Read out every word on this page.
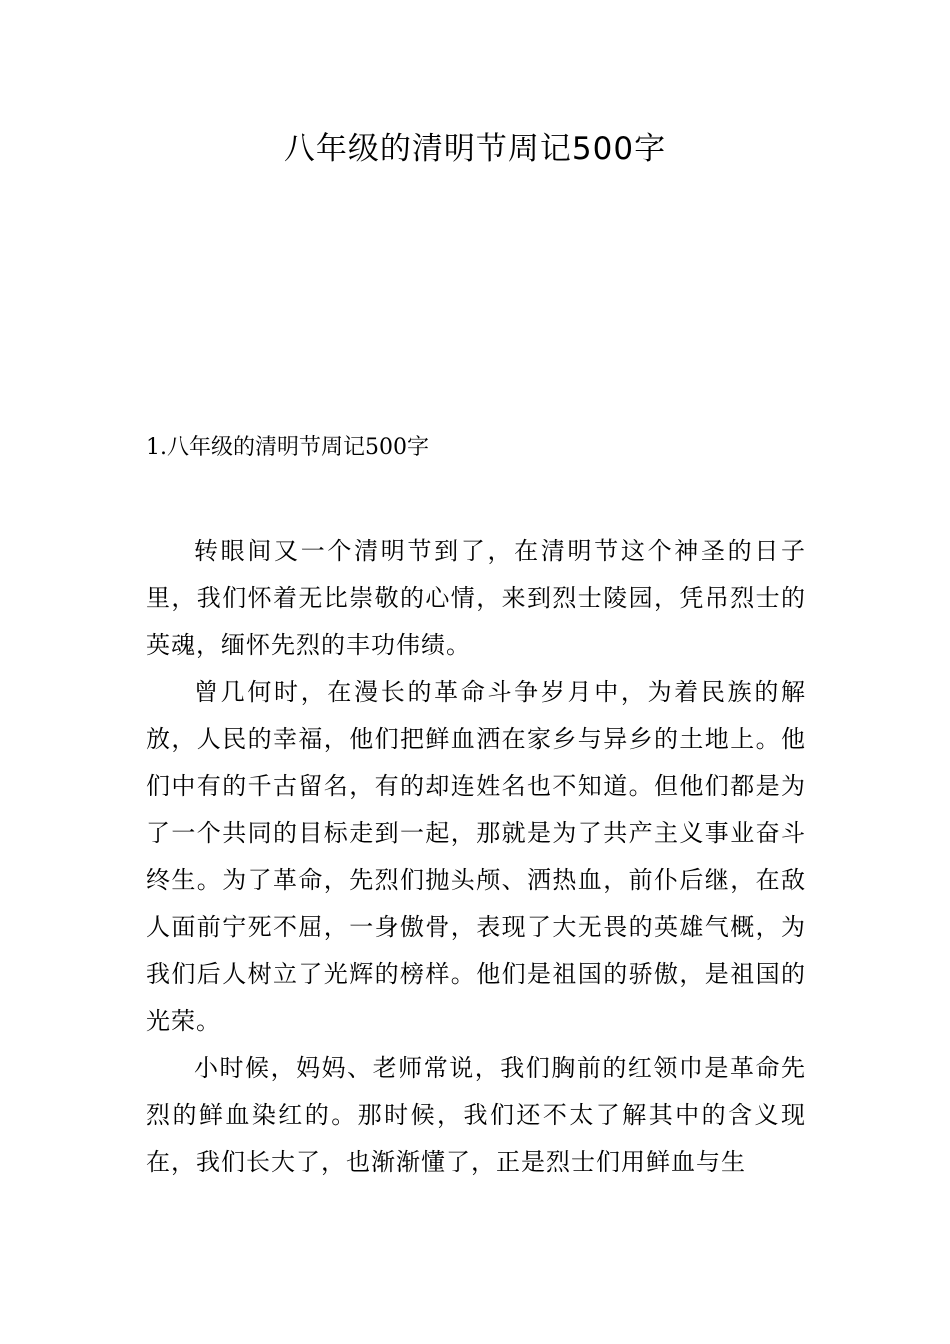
八年级的清明节周记500字
1.八年级的清明节周记500字

转眼间又一个清明节到了，在清明节这个神圣的日子里，我们怀着无比崇敬的心情，来到烈士陵园，凭吊烈士的英魂，缅怀先烈的丰功伟绩。

曾几何时，在漫长的革命斗争岁月中，为着民族的解放，人民的幸福，他们把鲜血洒在家乡与异乡的土地上。他们中有的千古留名，有的却连姓名也不知道。但他们都是为了一个共同的目标走到一起，那就是为了共产主义事业奋斗终生。为了革命，先烈们抛头颅、洒热血，前仆后继，在敌人面前宁死不屈，一身傲骨，表现了大无畏的英雄气概，为我们后人树立了光辉的榜样。他们是祖国的骄傲，是祖国的光荣。

小时候，妈妈、老师常说，我们胸前的红领巾是革命先烈的鲜血染红的。那时候，我们还不太了解其中的含义现在，我们长大了，也渐渐懂了，正是烈士们用鲜血与生
